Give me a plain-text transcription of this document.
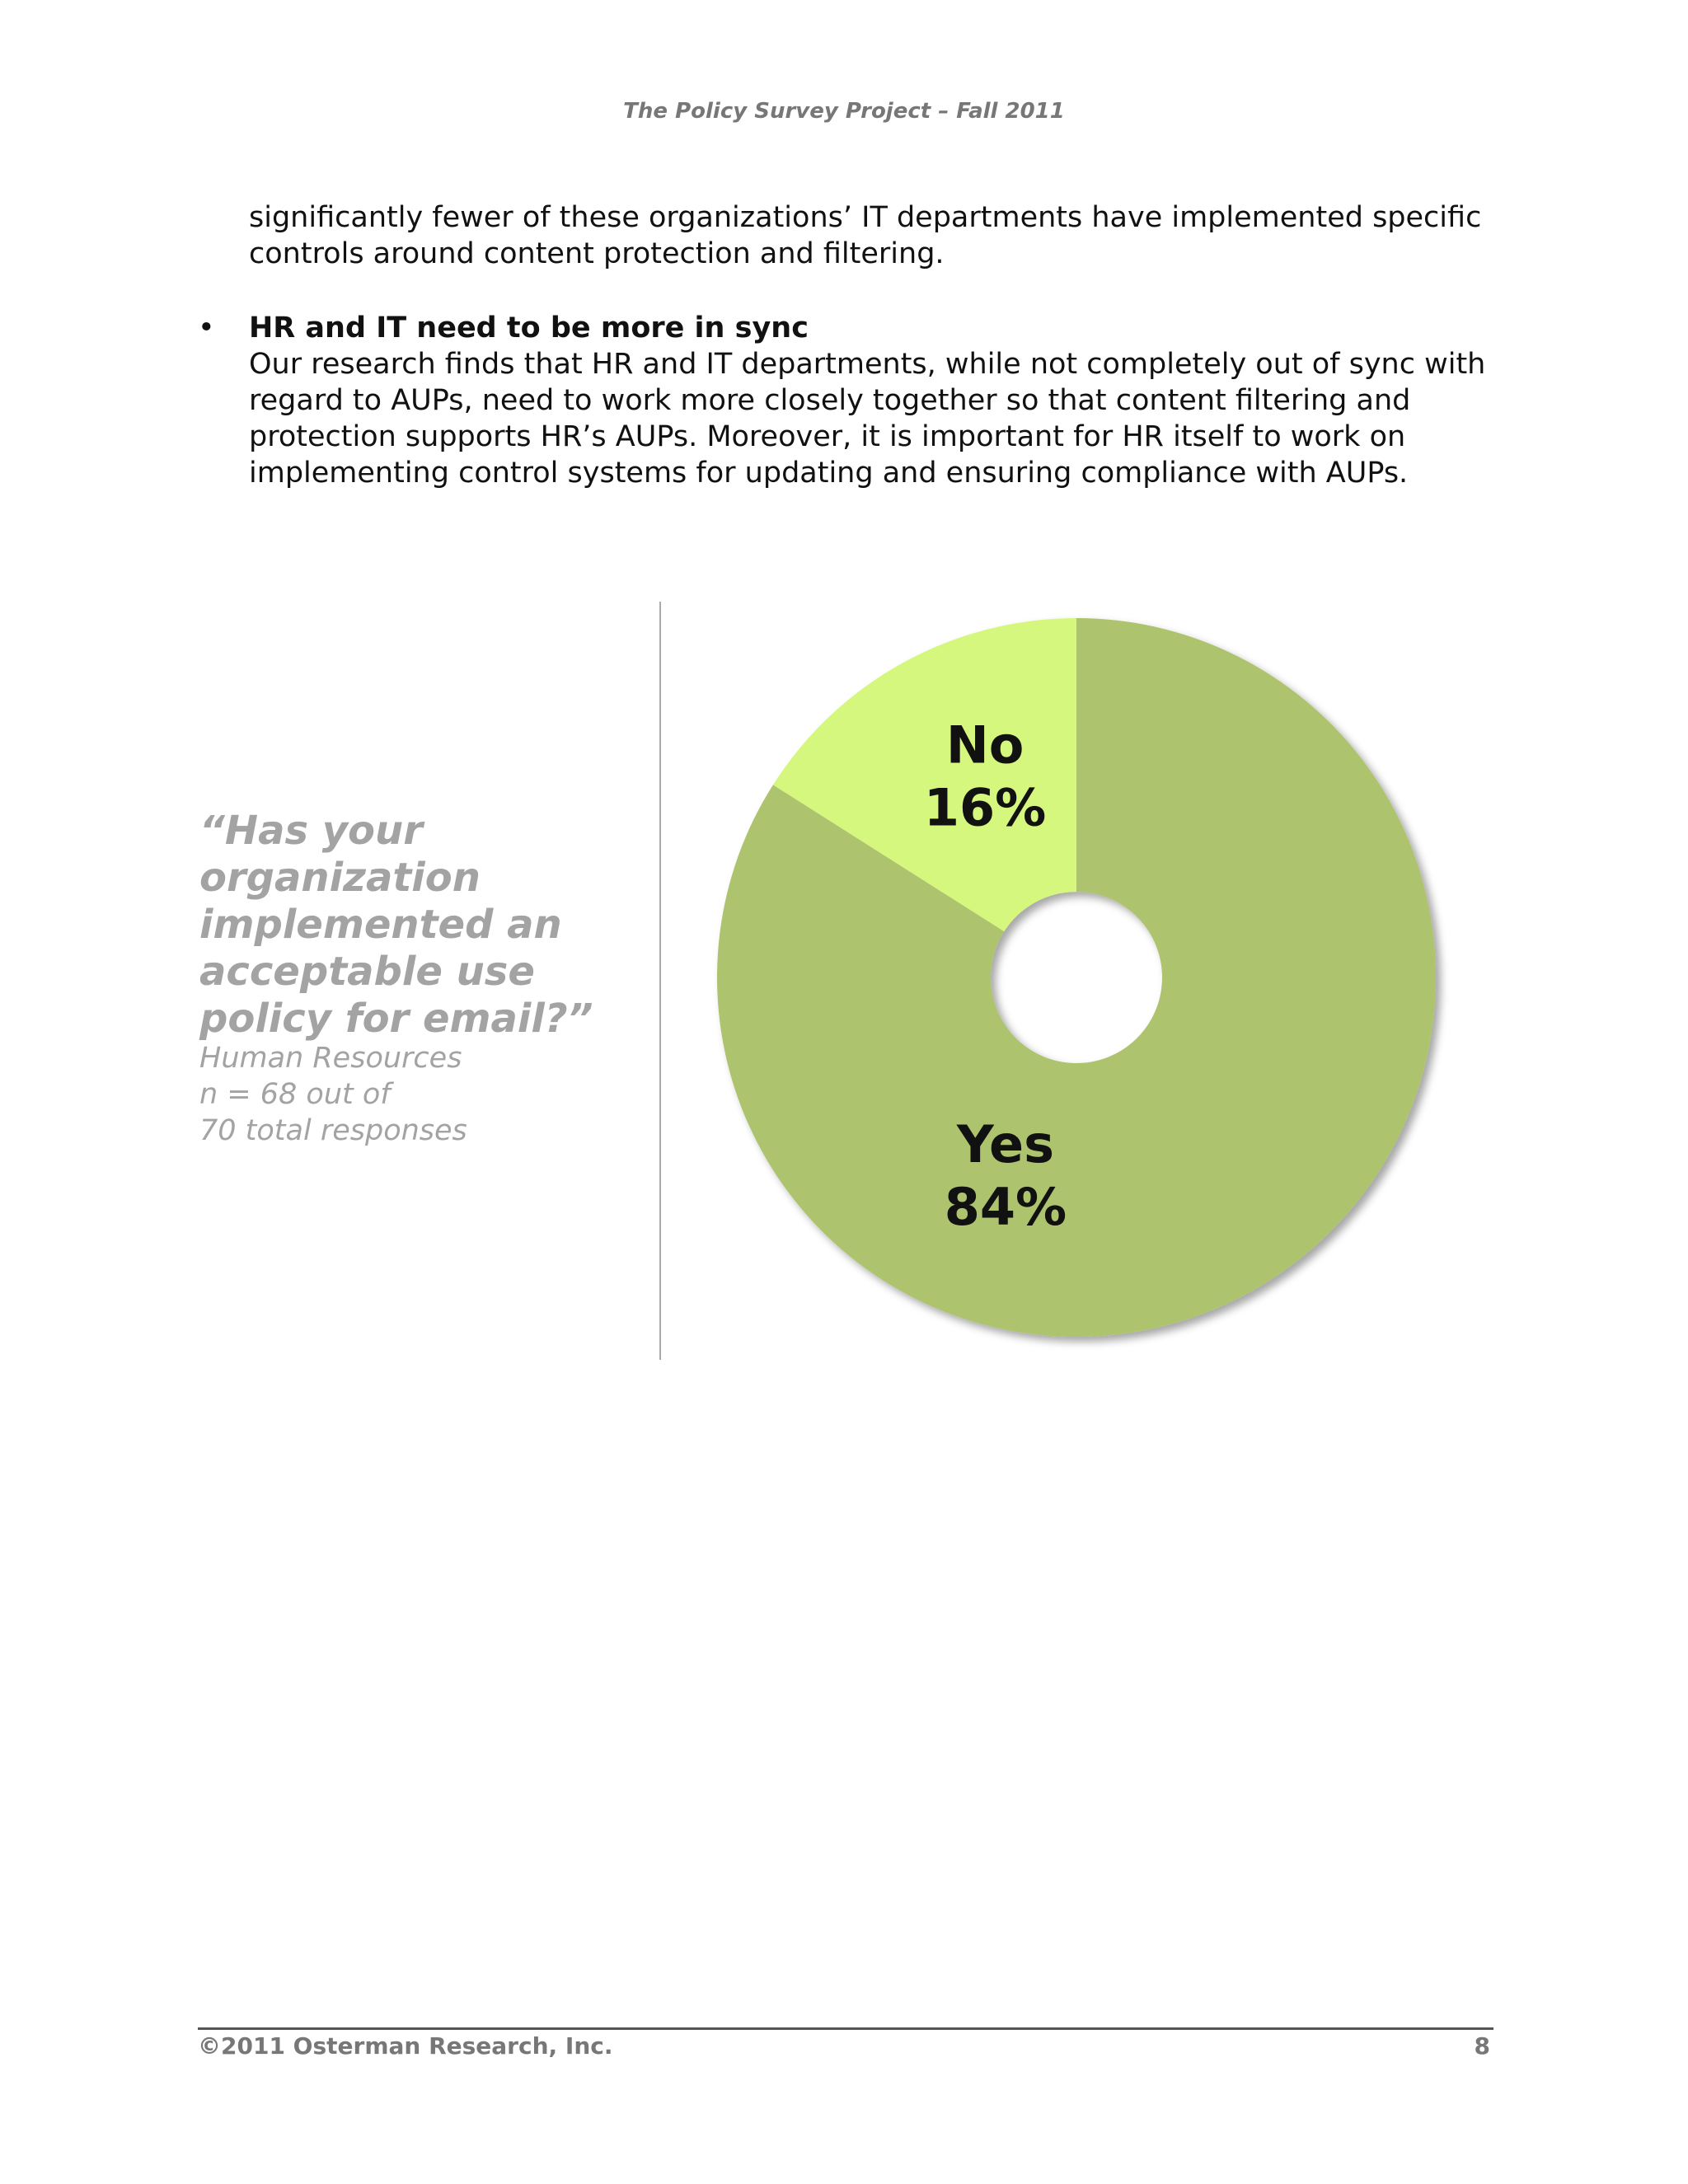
The Policy Survey Project – Fall 2011

significantly fewer of these organizations’ IT departments have implemented specific controls around content protection and filtering.

• HR and IT need to be more in sync

Our research finds that HR and IT departments, while not completely out of sync with regard to AUPs, need to work more closely together so that content filtering and protection supports HR’s AUPs. Moreover, it is important for HR itself to work on implementing control systems for updating and ensuring compliance with AUPs.

“Has your organization implemented an acceptable use policy for email?”

Human Resources
n = 68 out of
70 total responses
No
16%
Yes
84%
©2011 Osterman Research, Inc.	8
